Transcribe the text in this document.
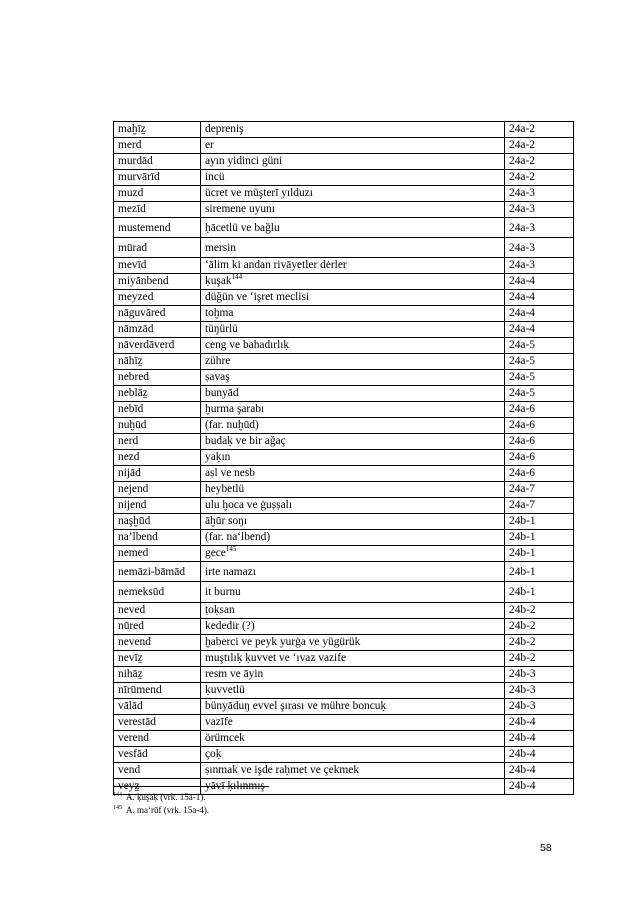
maḫīẕ	depreniş	24a-2
merd	er	24a-2
murdād	ayın yidinci güni	24a-2
murvārīd	incü	24a-2
muzd	ücret ve müşterī yılduzı	24a-3
mezīd	siremene uyunı	24a-3
mustemend	ḥācetlü ve bağlu	24a-3
mūrad	mersin	24a-3
mevīd	‘ālim ki andan rivāyetler dėrler	24a-3
miyānbend	ḳuşak$^{144}$	24a-4
meyzed	düğün ve ‘işret meclisi	24a-4
nāguvāred	toḫma	24a-4
nāmzād	tüŋürlü	24a-4
nāverdāverd	ceng ve bahadırlıḳ	24a-5
nāhīẕ	zühre	24a-5
nebred	ṣavaş	24a-5
neblāẕ	bunyād	24a-5
nebīd	ḫurma şarabı	24a-6
nuḫūd	(far. nuḫūd)	24a-6
nerd	budaḳ ve bir ağaç	24a-6
nezd	yaḳın	24a-6
nijād	aṣl ve nesb	24a-6
nejend	heybetlü	24a-7
nijend	ulu ḫoca ve ġuṣṣalı	24a-7
naşḫūd	āḫūr soŋı	24b-1
na’lbend	(far. na‘lbend)	24b-1
nemed	gece$^{145}$	24b-1
nemāzi-bāmād	irte namazı	24b-1
nemeksūd	it burnu	24b-1
neved	ṭoḳsan	24b-2
nūred	kededir (?)	24b-2
nevend	ḫaberci ve peyk yurġa ve yügürük	24b-2
nevīẕ	muştılıḳ ḳuvvet ve ‘ıvaz vazife	24b-2
nihāẕ	resm ve āyin	24b-3
nīrūmend	ḳuvvetlü	24b-3
vālād	bünyāduŋ evvel şırası ve mühre boncuḳ	24b-3
verestād	vazīfe	24b-4
verend	örümcek	24b-4
vesfād	çoḳ	24b-4
vend	ṣınmak ve işde raḥmet ve çekmek	24b-4
veyẕ	yāvī ḳılınmış	24b-4
$^{144}$ A. ḳuşāḳ (vrk. 15a-1).
$^{145}$ A. ma‘rūf (vrk. 15a-4).
58
